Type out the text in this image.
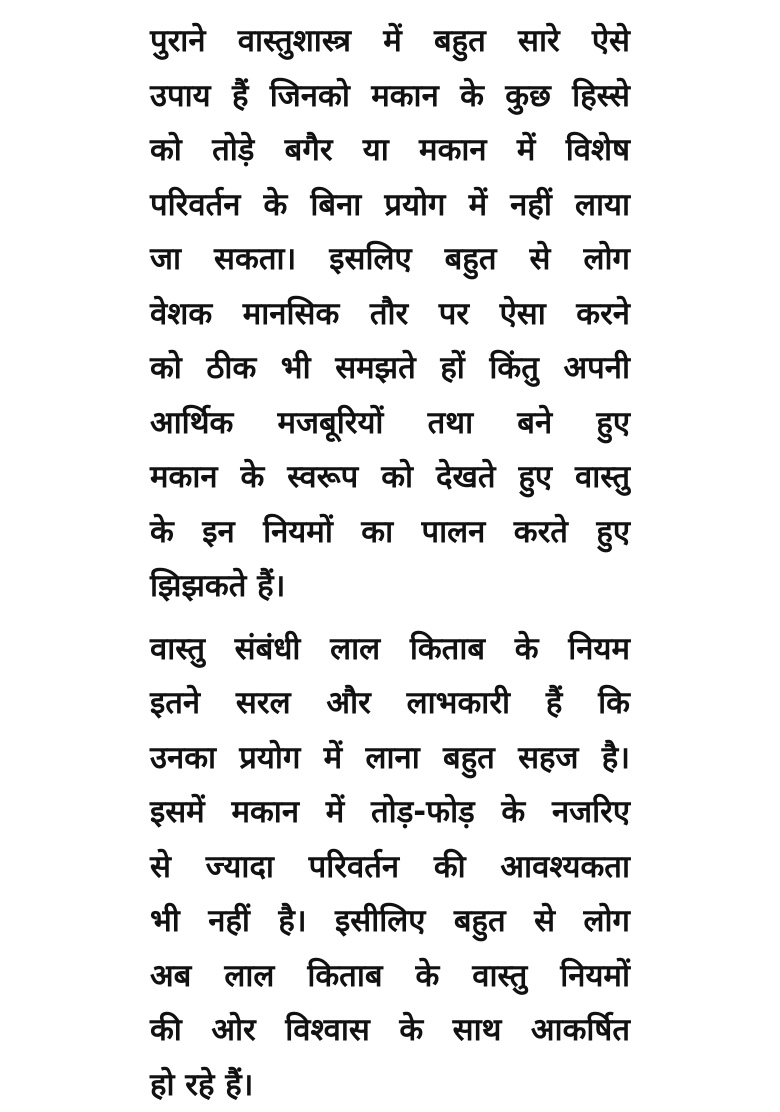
पुराने वास्तुशास्त्र में बहुत सारे ऐसे
उपाय हैं जिनको मकान के कुछ हिस्से
को तोड़े बगैर या मकान में विशेष
परिवर्तन के बिना प्रयोग में नहीं लाया
जा सकता। इसलिए बहुत से लोग
वेशक मानसिक तौर पर ऐसा करने
को ठीक भी समझते हों किंतु अपनी
आर्थिक मजबूरियों तथा बने हुए
मकान के स्वरूप को देखते हुए वास्तु
के इन नियमों का पालन करते हुए
झिझकते हैं।

वास्तु संबंधी लाल किताब के नियम
इतने सरल और लाभकारी हैं कि
उनका प्रयोग में लाना बहुत सहज है।
इसमें मकान में तोड़-फोड़ के नजरिए
से ज्यादा परिवर्तन की आवश्यकता
भी नहीं है। इसीलिए बहुत से लोग
अब लाल किताब के वास्तु नियमों
की ओर विश्वास के साथ आकर्षित
हो रहे हैं।
